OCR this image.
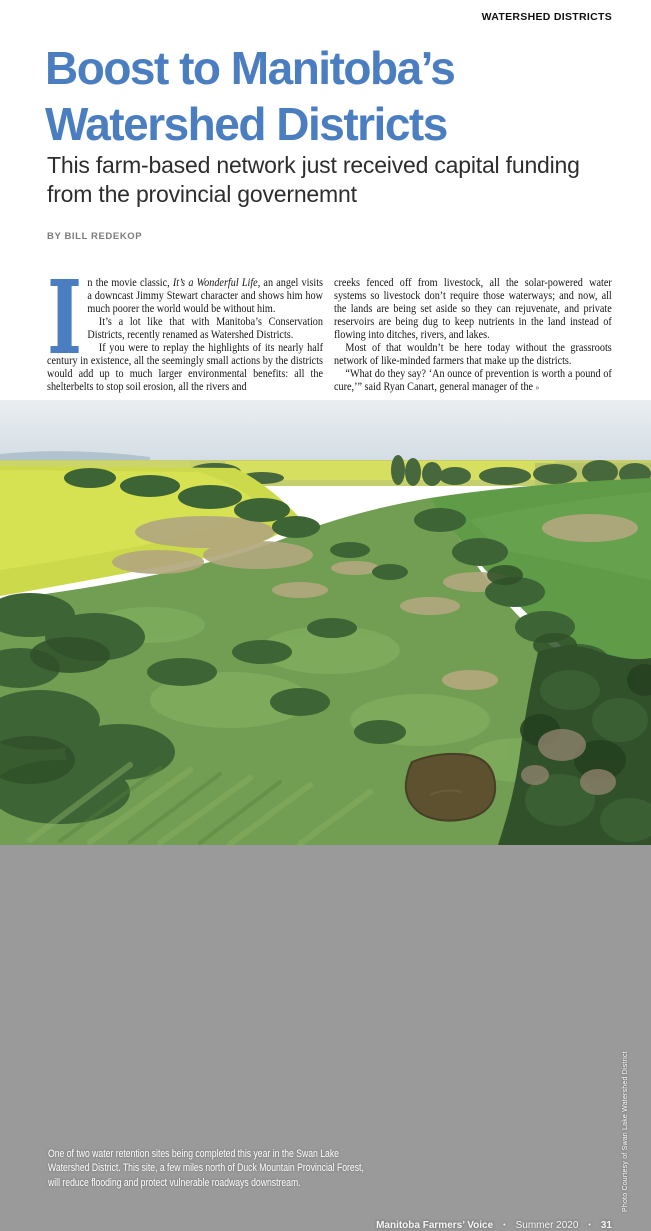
WATERSHED DISTRICTS
Boost to Manitoba’s
Watershed Districts
This farm-based network just received capital funding from the provincial governemnt
BY BILL REDEKOP

n the movie classic, It’s a Wonderful Life, an angel visits a downcast Jimmy Stewart character and shows him how much poorer the world would be without him.

It’s a lot like that with Manitoba’s Conservation Districts, recently renamed as Watershed Districts.

If you were to replay the highlights of its nearly half century in existence, all the seemingly small actions by the districts would add up to much larger environmental benefits: all the shelterbelts to stop soil erosion, all the rivers and

creeks fenced off from livestock, all the solar-powered water systems so livestock don’t require those waterways; and now, all the lands are being set aside so they can rejuvenate, and private reservoirs are being dug to keep nutrients in the land instead of flowing into ditches, rivers, and lakes.

Most of that wouldn’t be here today without the grassroots network of like-minded farmers that make up the districts.

“What do they say? ‘An ounce of prevention is worth a pound of cure,’” said Ryan Canart, general manager of the »

One of two water retention sites being completed this year in the Swan Lake Watershed District. This site, a few miles north of Duck Mountain Provincial Forest, will reduce flooding and protect vulnerable roadways downstream.	Photo Courtesy of Swan Lake Watershed District
Manitoba Farmers’ Voice • Summer 2020 • 31
